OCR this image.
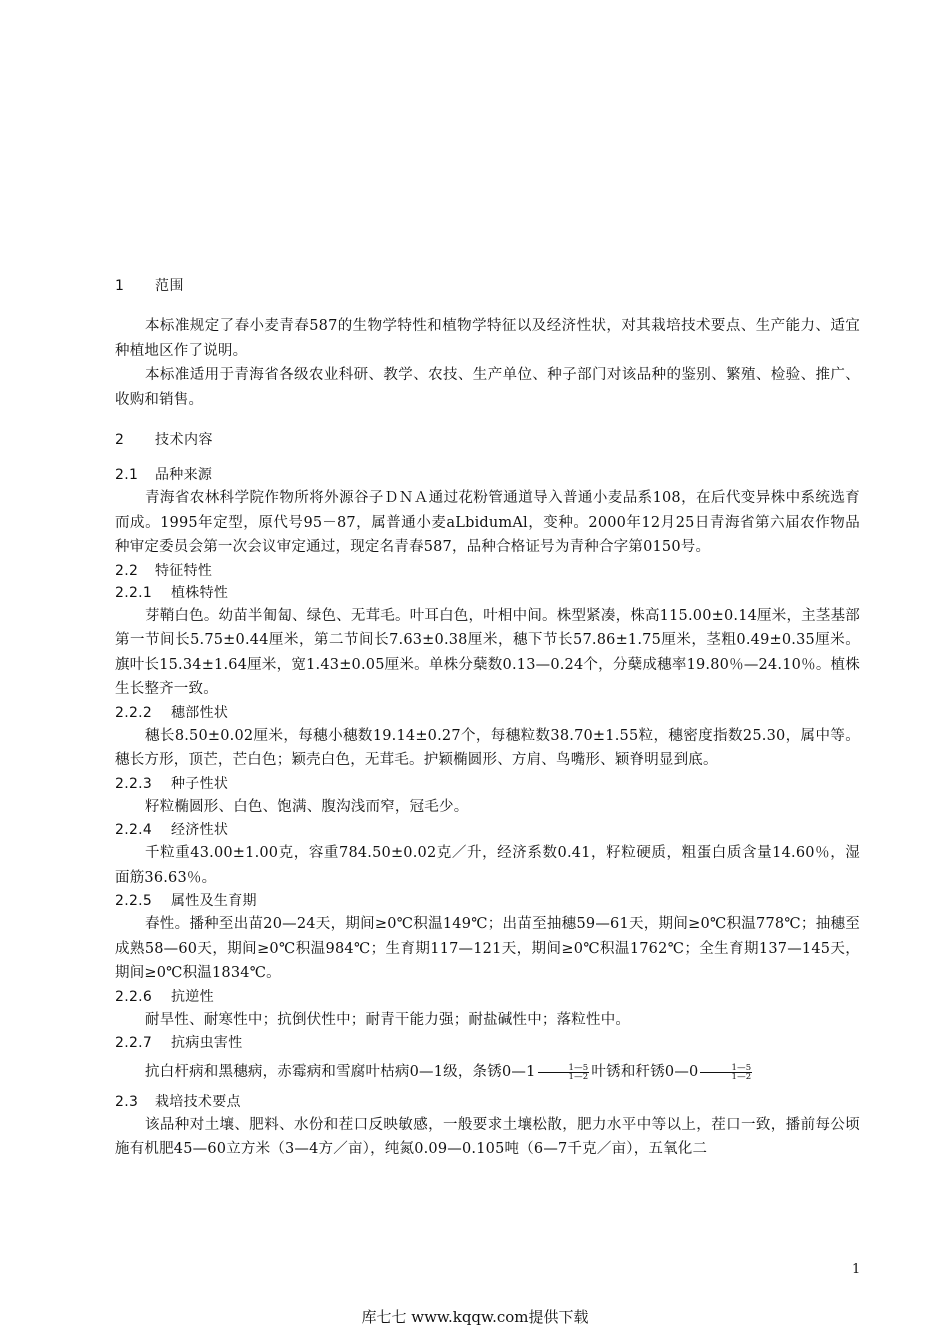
1 范围

本标准规定了春小麦青春587的生物学特性和植物学特征以及经济性状，对其栽培技术要点、生产能力、适宜种植地区作了说明。

本标准适用于青海省各级农业科研、教学、农技、生产单位、种子部门对该品种的鉴别、繁殖、检验、推广、收购和销售。

2 技术内容
2.1 品种来源

青海省农林科学院作物所将外源谷子ＤＮＡ通过花粉管通道导入普通小麦品系108，在后代变异株中系统选育而成。1995年定型，原代号95－87，属普通小麦aLbidumAl，变种。2000年12月25日青海省第六届农作物品种审定委员会第一次会议审定通过，现定名青春587，品种合格证号为青种合字第0150号。

2.2 特征特性
2.2.1 植株特性

芽鞘白色。幼苗半匍匐、绿色、无茸毛。叶耳白色，叶相中间。株型紧凑，株高115.00±0.14厘米，主茎基部第一节间长5.75±0.44厘米，第二节间长7.63±0.38厘米，穗下节长57.86±1.75厘米，茎粗0.49±0.35厘米。旗叶长15.34±1.64厘米，宽1.43±0.05厘米。单株分蘖数0.13—0.24个，分蘖成穗率19.80％—24.10％。植株生长整齐一致。

2.2.2 穗部性状

穗长8.50±0.02厘米，每穗小穗数19.14±0.27个，每穗粒数38.70±1.55粒，穗密度指数25.30，属中等。穗长方形，顶芒，芒白色；颖壳白色，无茸毛。护颖椭圆形、方肩、鸟嘴形、颖脊明显到底。

2.2.3 种子性状

籽粒椭圆形、白色、饱满、腹沟浅而窄，冠毛少。

2.2.4 经济性状

千粒重43.00±1.00克，容重784.50±0.02克／升，经济系数0.41，籽粒硬质，粗蛋白质含量14.60％，湿面筋36.63％。

2.2.5 属性及生育期

春性。播种至出苗20—24天，期间≥0℃积温149℃；出苗至抽穗59—61天，期间≥0℃积温778℃；抽穗至成熟58—60天，期间≥0℃积温984℃；生育期117—121天，期间≥0℃积温1762℃；全生育期137—145天，期间≥0℃积温1834℃。

2.2.6 抗逆性

耐旱性、耐寒性中；抗倒伏性中；耐青干能力强；耐盐碱性中；落粒性中。

2.2.7 抗病虫害性

抗白杆病和黑穗病，赤霉病和雪腐叶枯病0—1级，条锈0—1 $\frac{1—5}{1—2}$ 叶锈和秆锈0—0 $\frac{1—5}{1—2}$

2.3 栽培技术要点

该品种对土壤、肥料、水份和茬口反映敏感，一般要求土壤松散，肥力水平中等以上，茬口一致，播前每公顷施有机肥45—60立方米（3—4方／亩），纯氮0.09—0.105吨（6—7千克／亩），五氧化二

1
库七七 www.kqqw.com提供下载
